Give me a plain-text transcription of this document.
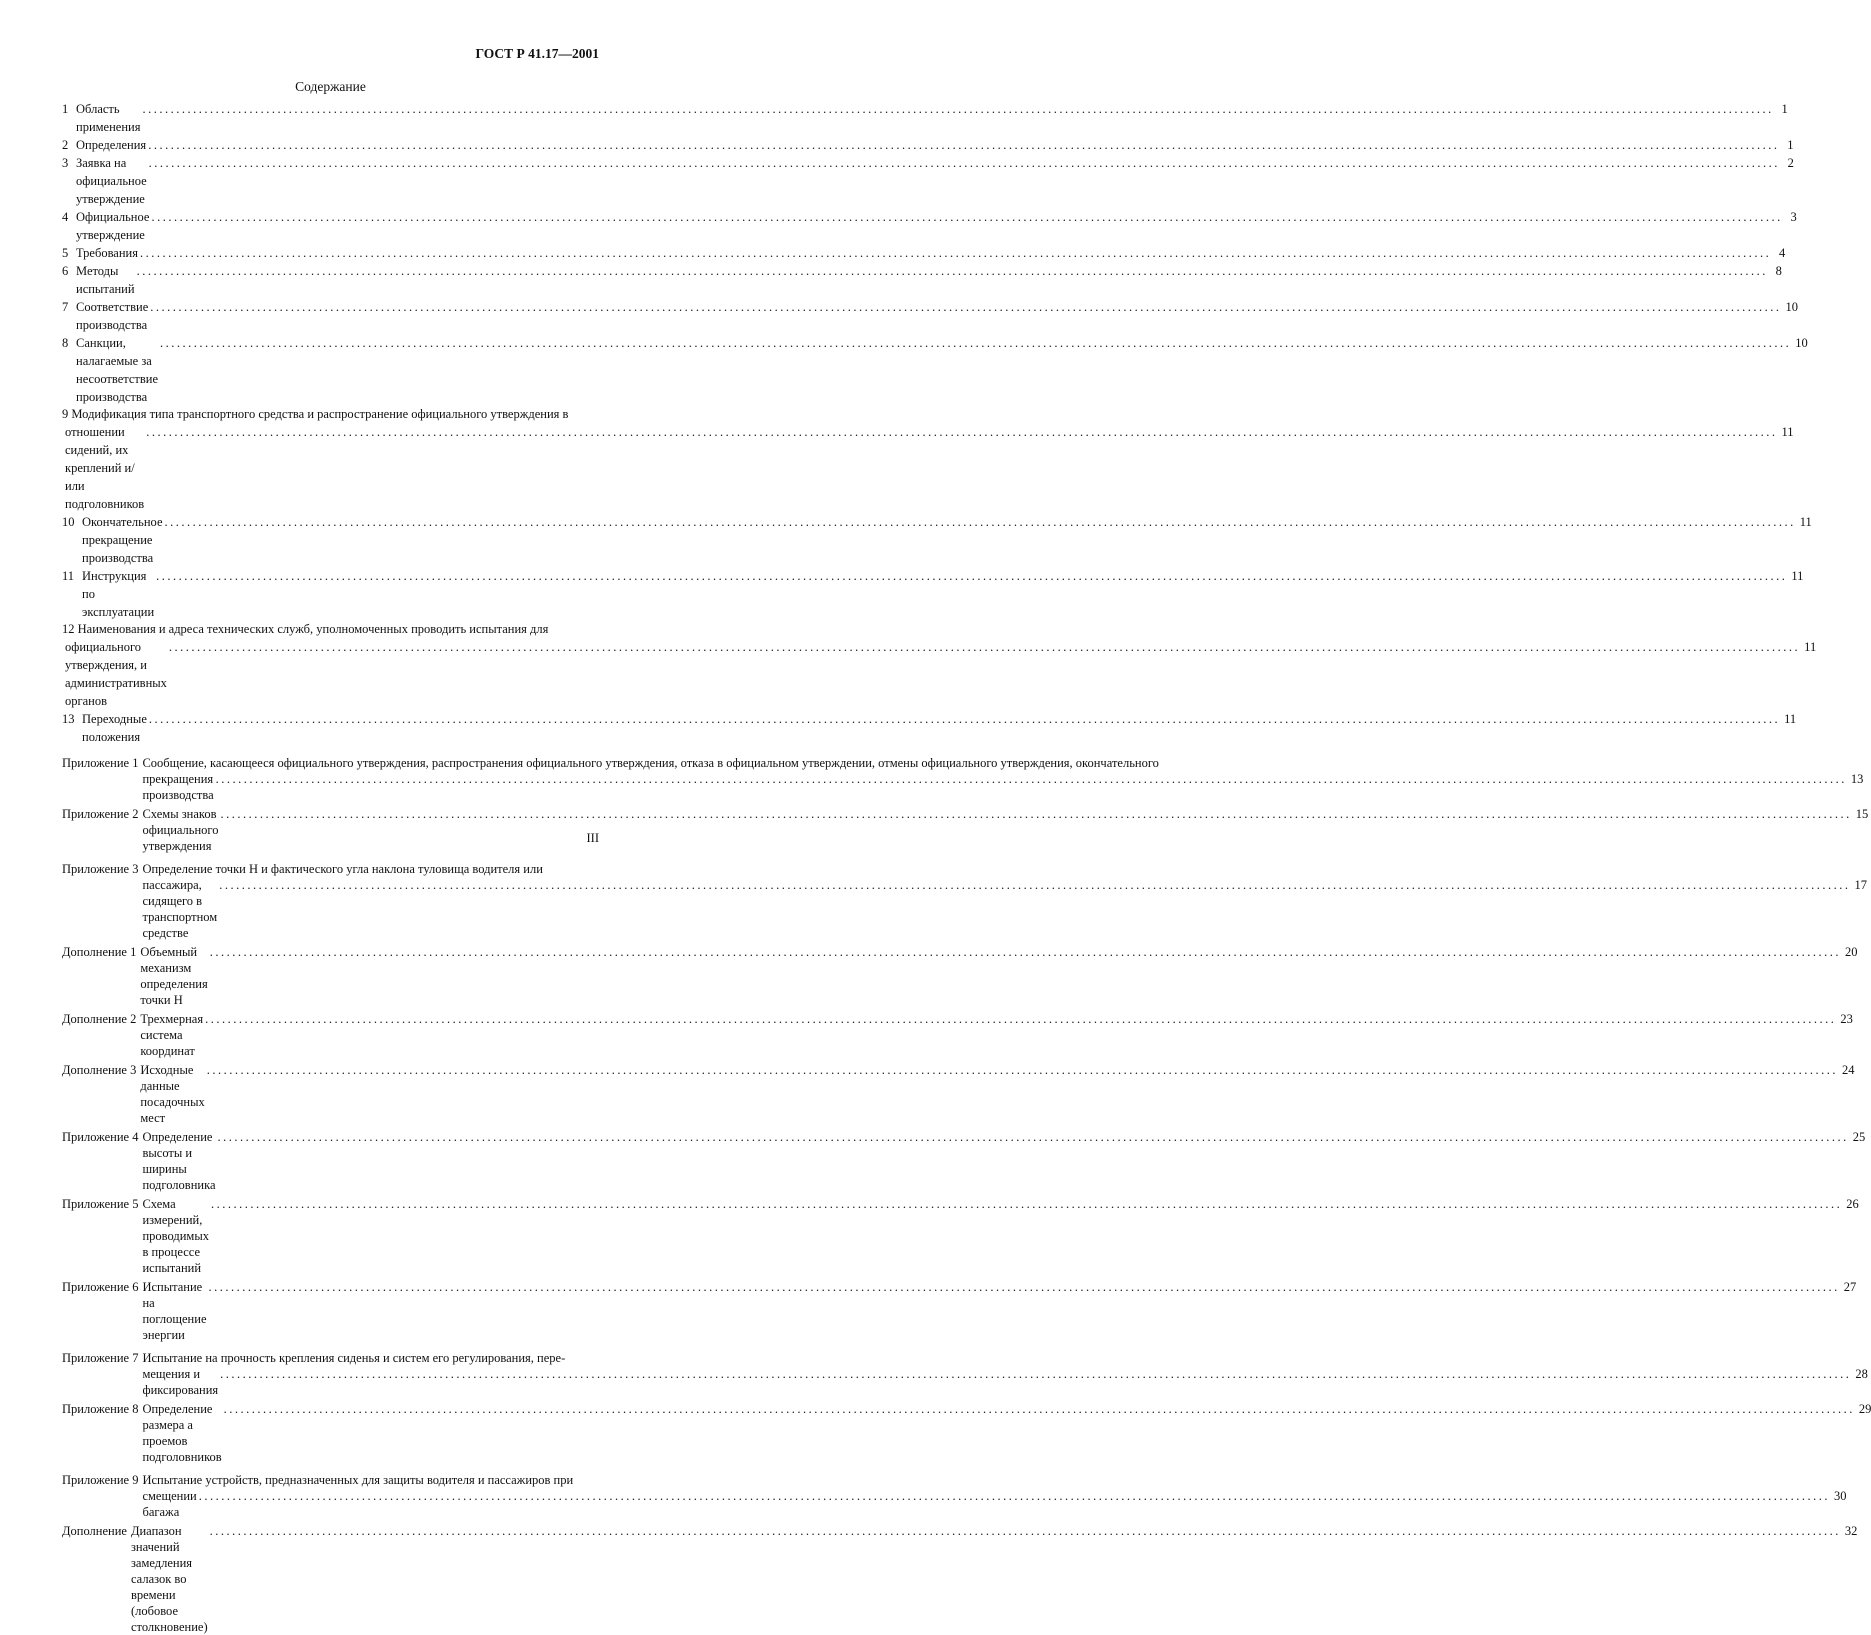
ГОСТ Р 41.17—2001
Содержание
1 Область применения
.....
1
2 Определения .....	1
3 Заявка на официальное утверждение
.....
2
4 Официальное утверждение
.....
3
5 Требования .....	4
6 Методы испытаний
.....
8
7 Соответствие производства
.....
10
8 Санкции, налагаемые за несоответствие производства
.....
10
9 Модификация типа транспортного средства и распространение официального утверждения в
отношении сидений, их креплений и/или подголовников
.....
11
10 Окончательное прекращение производства
.....
11
11 Инструкция по эксплуатации
.....
11
12 Наименования и адреса технических служб, уполномоченных проводить испытания для
официального утверждения, и административных органов
.....
11
13 Переходные положения
.....
11
Приложение 1 Сообщение, касающееся официального утверждения, распространения официального утверждения, отказа в официальном утверждении, отмены официального утверждения, окончательного
прекращения производства
.....
13
Приложение 2 Схемы знаков официального утверждения
.....
15
Приложение 3 Определение точки H и фактического угла наклона туловища водителя или
пассажира, сидящего в транспортном средстве
.....
17
Дополнение 1 Объемный механизм определения точки H
.....
20
Дополнение 2 Трехмерная система координат
.....
23
Дополнение 3 Исходные данные посадочных мест
.....
24
Приложение 4 Определение высоты и ширины подголовника
.....
25
Приложение 5 Схема измерений, проводимых в процессе испытаний
.....
26
Приложение 6 Испытание на поглощение энергии
.....
27
Приложение 7 Испытание на прочность крепления сиденья и систем его регулирования, пере-
мещения и фиксирования
.....
28
Приложение 8 Определение размера a проемов подголовников
.....
29
Приложение 9 Испытание устройств, предназначенных для защиты водителя и пассажиров при
смещении багажа
.....
30
Дополнение Диапазон значений замедления салазок во времени (лобовое столкновение)
.....
32
III
